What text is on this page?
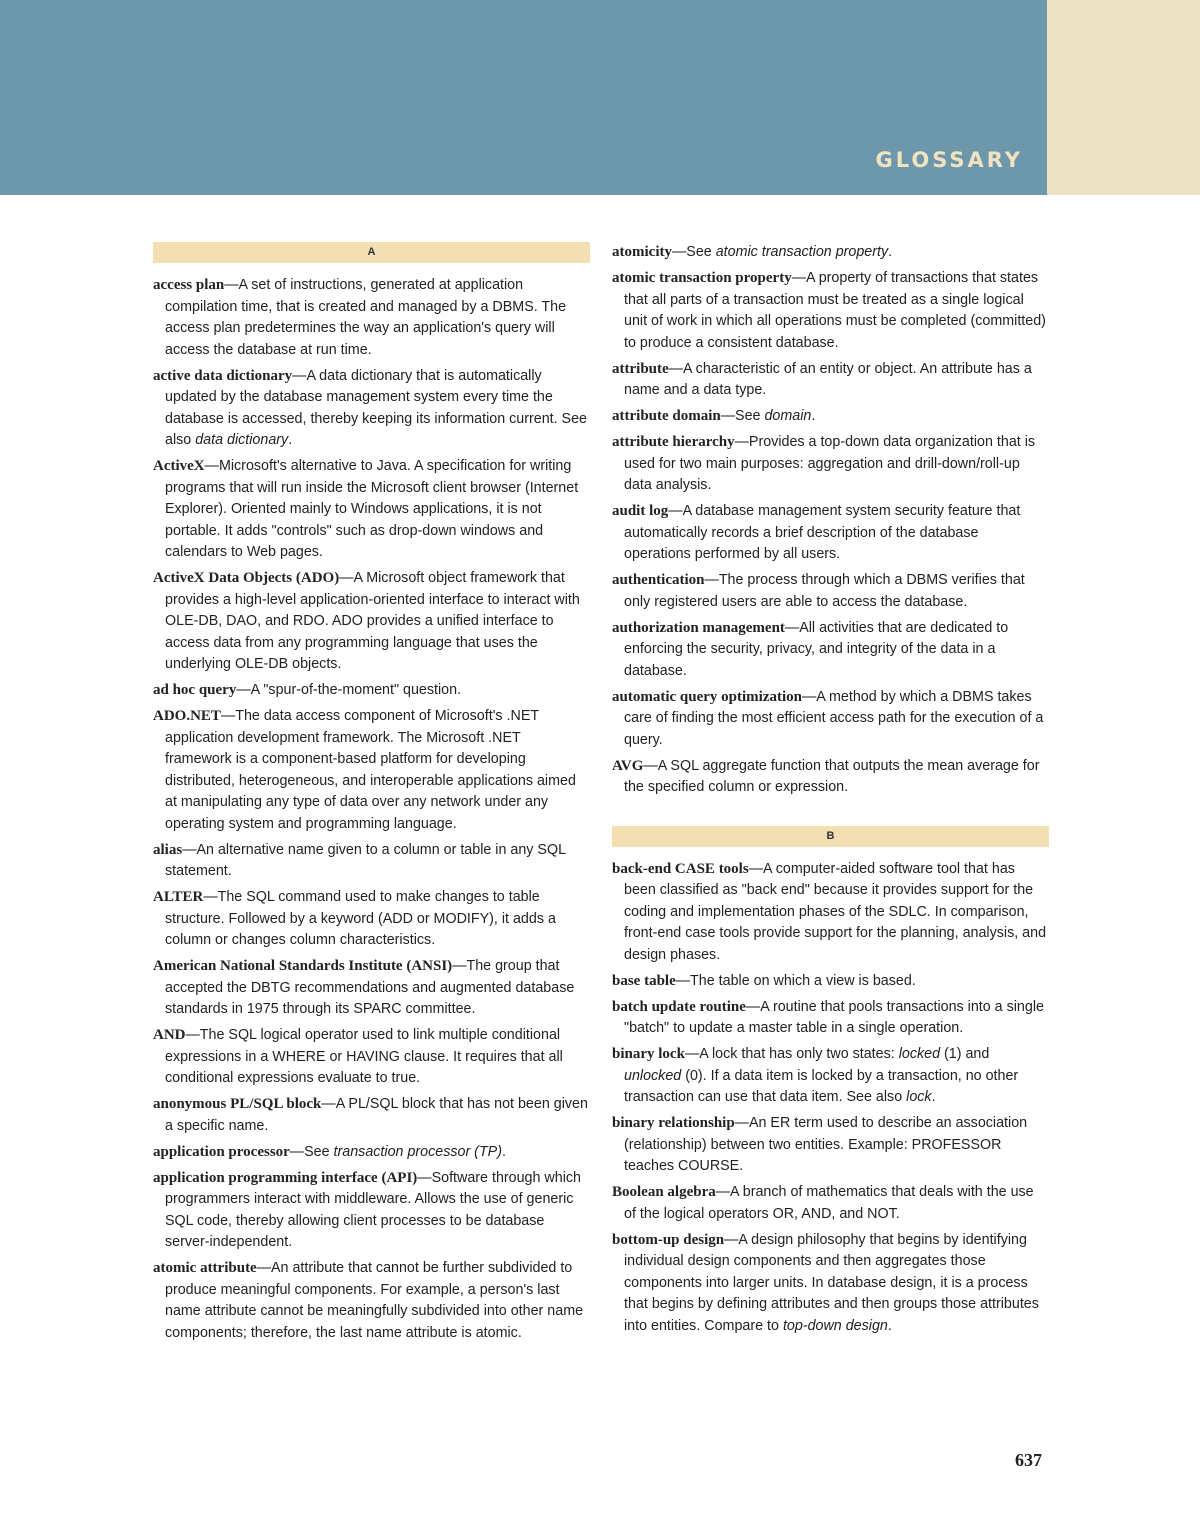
GLOSSARY
A

access plan—A set of instructions, generated at application compilation time, that is created and managed by a DBMS. The access plan predetermines the way an application's query will access the database at run time.

active data dictionary—A data dictionary that is automatically updated by the database management system every time the database is accessed, thereby keeping its information current. See also data dictionary.

ActiveX—Microsoft's alternative to Java. A specification for writing programs that will run inside the Microsoft client browser (Internet Explorer). Oriented mainly to Windows applications, it is not portable. It adds "controls" such as drop-down windows and calendars to Web pages.

ActiveX Data Objects (ADO)—A Microsoft object framework that provides a high-level application-oriented interface to interact with OLE-DB, DAO, and RDO. ADO provides a unified interface to access data from any programming language that uses the underlying OLE-DB objects.

ad hoc query—A "spur-of-the-moment" question.

ADO.NET—The data access component of Microsoft's .NET application development framework. The Microsoft .NET framework is a component-based platform for developing distributed, heterogeneous, and interoperable applications aimed at manipulating any type of data over any network under any operating system and programming language.

alias—An alternative name given to a column or table in any SQL statement.

ALTER—The SQL command used to make changes to table structure. Followed by a keyword (ADD or MODIFY), it adds a column or changes column characteristics.

American National Standards Institute (ANSI)—The group that accepted the DBTG recommendations and augmented database standards in 1975 through its SPARC committee.

AND—The SQL logical operator used to link multiple conditional expressions in a WHERE or HAVING clause. It requires that all conditional expressions evaluate to true.

anonymous PL/SQL block—A PL/SQL block that has not been given a specific name.

application processor—See transaction processor (TP).

application programming interface (API)—Software through which programmers interact with middleware. Allows the use of generic SQL code, thereby allowing client processes to be database server-independent.

atomic attribute—An attribute that cannot be further subdivided to produce meaningful components. For example, a person's last name attribute cannot be meaningfully subdivided into other name components; therefore, the last name attribute is atomic.

atomicity—See atomic transaction property.

atomic transaction property—A property of transactions that states that all parts of a transaction must be treated as a single logical unit of work in which all operations must be completed (committed) to produce a consistent database.

attribute—A characteristic of an entity or object. An attribute has a name and a data type.

attribute domain—See domain.

attribute hierarchy—Provides a top-down data organization that is used for two main purposes: aggregation and drill-down/roll-up data analysis.

audit log—A database management system security feature that automatically records a brief description of the database operations performed by all users.

authentication—The process through which a DBMS verifies that only registered users are able to access the database.

authorization management—All activities that are dedicated to enforcing the security, privacy, and integrity of the data in a database.

automatic query optimization—A method by which a DBMS takes care of finding the most efficient access path for the execution of a query.

AVG—A SQL aggregate function that outputs the mean average for the specified column or expression.

B

back-end CASE tools—A computer-aided software tool that has been classified as "back end" because it provides support for the coding and implementation phases of the SDLC. In comparison, front-end case tools provide support for the planning, analysis, and design phases.

base table—The table on which a view is based.

batch update routine—A routine that pools transactions into a single "batch" to update a master table in a single operation.

binary lock—A lock that has only two states: locked (1) and unlocked (0). If a data item is locked by a transaction, no other transaction can use that data item. See also lock.

binary relationship—An ER term used to describe an association (relationship) between two entities. Example: PROFESSOR teaches COURSE.

Boolean algebra—A branch of mathematics that deals with the use of the logical operators OR, AND, and NOT.

bottom-up design—A design philosophy that begins by identifying individual design components and then aggregates those components into larger units. In database design, it is a process that begins by defining attributes and then groups those attributes into entities. Compare to top-down design.

637
